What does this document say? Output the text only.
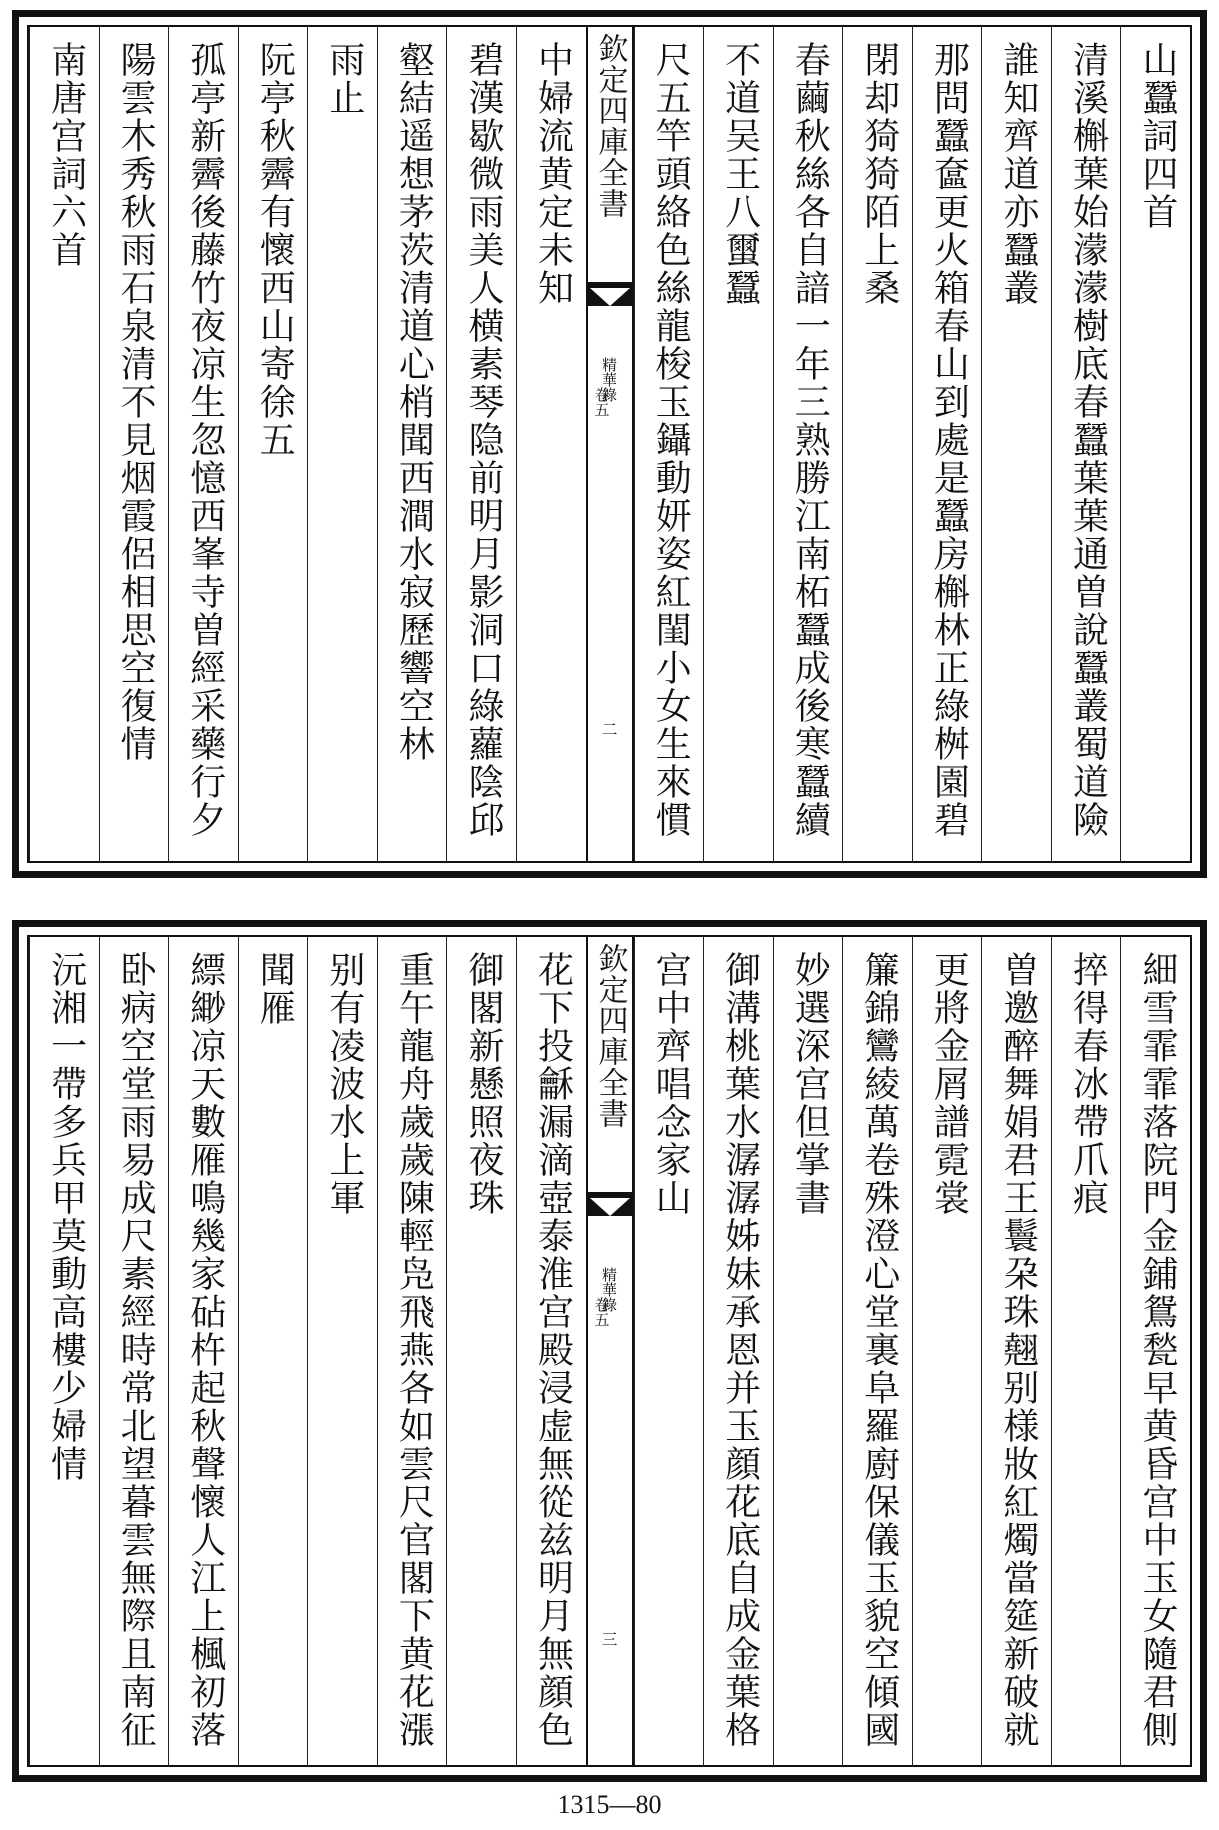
山蠶詞四首
清溪槲葉始濛濛樹底春蠶葉葉通曽說蠶叢蜀道險
誰知齊道亦蠶叢
那問蠶奩更火箱春山到處是蠶房槲林正綠桝園碧
閉却猗猗陌上桑
春繭秋絲各自諳一年三熟勝江南柘蠶成後寒蠶續
不道吴王八蠒蠶
尺五竿頭絡色絲龍梭玉鑷動妍姿紅閨小女生來慣
中婦流黄定未知
碧漢歇微雨美人横素琴隐前明月影洞口綠蘿陰邱
壑結遥想茅茨清道心梢聞西澗水寂歷響空林
雨止
阮亭秋霽有懷西山寄徐五
孤亭新霽後藤竹夜凉生忽憶西峯寺曽經采藥行夕
陽雲木秀秋雨石泉清不見烟霞侶相思空復情
南唐宫詞六首	欽定四庫全書
精華錄
卷五
二
細雪霏霏落院門金鋪鴛甃早黄昏宫中玉女隨君側
捽得春冰帶爪痕
曽邀醉舞娟君王鬟朶珠翹别様妝紅燭當筵新破就
更將金屑譜霓裳
簾錦鸞綾萬卷殊澄心堂裏阜羅廚保儀玉貌空傾國
妙選深宫但掌書
御溝桃葉水潺潺姊妹承恩并玉顔花底自成金葉格
宫中齊唱念家山
花下投龢漏滴壺泰淮宫殿浸虚無從兹明月無顔色
御閣新懸照夜珠
重午龍舟歲歲陳輕凫飛燕各如雲尺官閣下黄花漲
别有凌波水上軍
聞雁
縹緲凉天數雁鳴幾家砧杵起秋聲懷人江上楓初落
卧病空堂雨易成尺素經時常北望暮雲無際且南征
沅湘一帶多兵甲莫動高樓少婦情	欽定四庫全書
精華錄
卷五
三
1315—80
